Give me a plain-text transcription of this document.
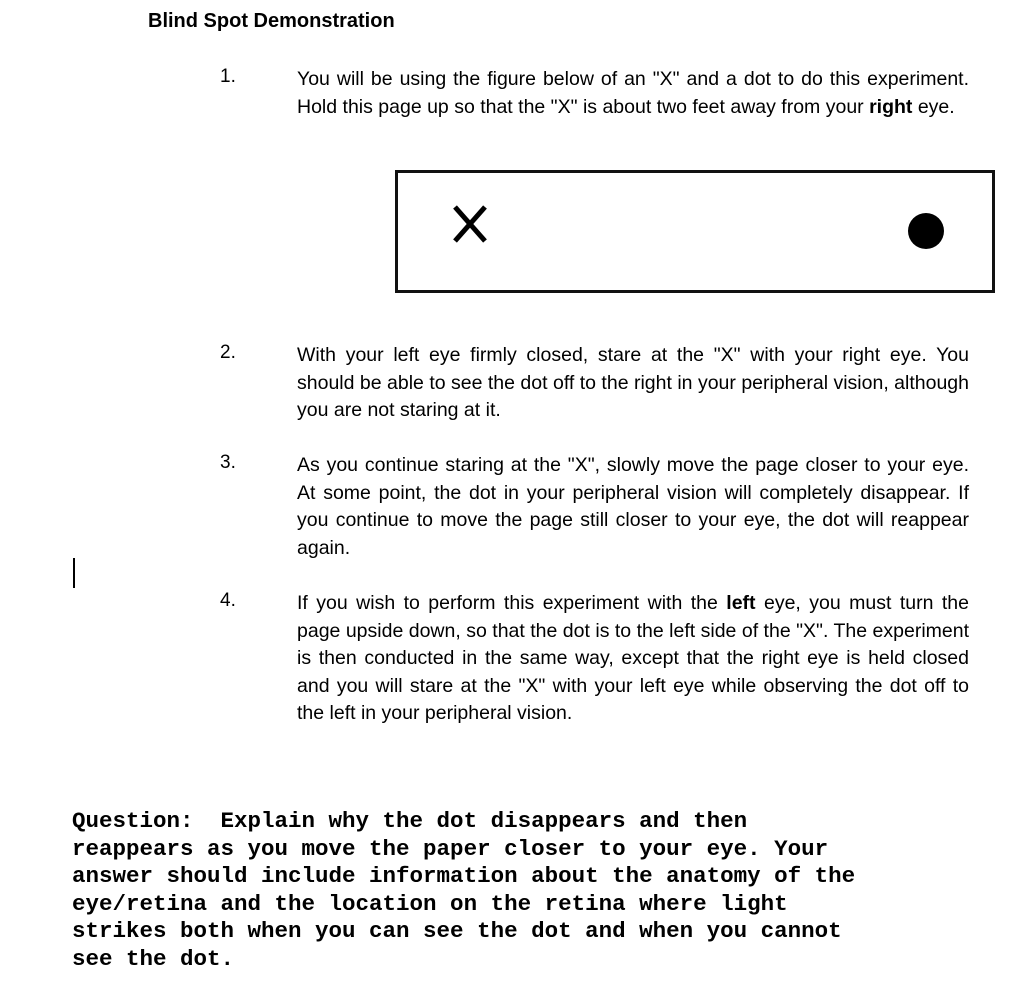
Blind Spot Demonstration
1.	You will be using the figure below of an "X" and a dot to do this experiment. Hold this page up so that the "X" is about two feet away from your right eye.
2.	With your left eye firmly closed, stare at the "X" with your right eye. You should be able to see the dot off to the right in your peripheral vision, although you are not staring at it.
3.	As you continue staring at the "X", slowly move the page closer to your eye. At some point, the dot in your peripheral vision will completely disappear. If you continue to move the page still closer to your eye, the dot will reappear again.
4.	If you wish to perform this experiment with the left eye, you must turn the page upside down, so that the dot is to the left side of the "X". The experiment is then conducted in the same way, except that the right eye is held closed and you will stare at the "X" with your left eye while observing the dot off to the left in your peripheral vision.
Question:  Explain why the dot disappears and then
reappears as you move the paper closer to your eye. Your
answer should include information about the anatomy of the
eye/retina and the location on the retina where light
strikes both when you can see the dot and when you cannot
see the dot.
